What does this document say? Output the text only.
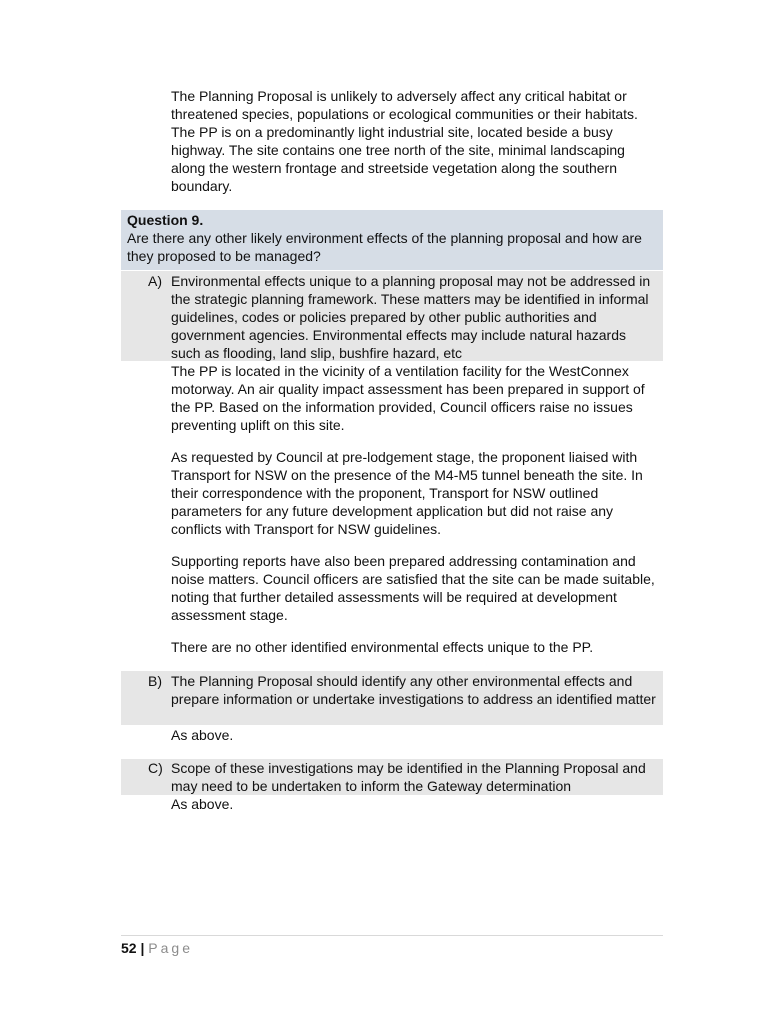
The Planning Proposal is unlikely to adversely affect any critical habitat or threatened species, populations or ecological communities or their habitats. The PP is on a predominantly light industrial site, located beside a busy highway. The site contains one tree north of the site, minimal landscaping along the western frontage and streetside vegetation along the southern boundary.

Question 9.
Are there any other likely environment effects of the planning proposal and how are they proposed to be managed?
A) Environmental effects unique to a planning proposal may not be addressed in the strategic planning framework. These matters may be identified in informal guidelines, codes or policies prepared by other public authorities and government agencies. Environmental effects may include natural hazards such as flooding, land slip, bushfire hazard, etc

The PP is located in the vicinity of a ventilation facility for the WestConnex motorway. An air quality impact assessment has been prepared in support of the PP. Based on the information provided, Council officers raise no issues preventing uplift on this site.

As requested by Council at pre-lodgement stage, the proponent liaised with Transport for NSW on the presence of the M4-M5 tunnel beneath the site. In their correspondence with the proponent, Transport for NSW outlined parameters for any future development application but did not raise any conflicts with Transport for NSW guidelines.

Supporting reports have also been prepared addressing contamination and noise matters. Council officers are satisfied that the site can be made suitable, noting that further detailed assessments will be required at development assessment stage.

There are no other identified environmental effects unique to the PP.

B) The Planning Proposal should identify any other environmental effects and prepare information or undertake investigations to address an identified matter

As above.

C) Scope of these investigations may be identified in the Planning Proposal and may need to be undertaken to inform the Gateway determination

As above.

52 | Page
